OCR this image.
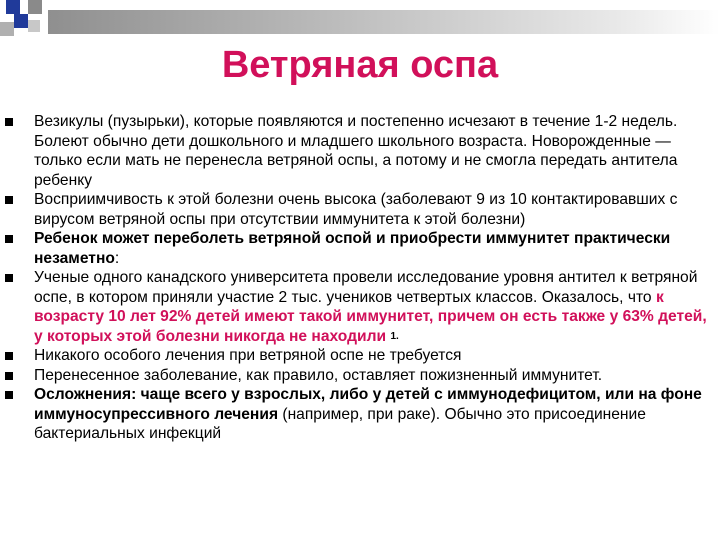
Ветряная оспа
Везикулы (пузырьки), которые появляются и постепенно исчезают в течение 1-2 недель. Болеют обычно дети дошкольного и младшего школьного возраста. Новорожденные — только если мать не перенесла ветряной оспы, а потому и не смогла передать антитела ребенку
Восприимчивость к этой болезни очень высока (заболевают 9 из 10 контактировавших с вирусом ветряной оспы при отсутствии иммунитета к этой болезни)
Ребенок может переболеть ветряной оспой и приобрести иммунитет практически незаметно:
Ученые одного канадского университета провели исследование уровня антител к ветряной оспе, в котором приняли участие 2 тыс. учеников четвертых классов. Оказалось, что к возрасту 10 лет 92% детей имеют такой иммунитет, причем он есть также у 63% детей, у которых этой болезни никогда не находили $^{1.}$
Никакого особого лечения при ветряной оспе не требуется
Перенесенное заболевание, как правило, оставляет пожизненный иммунитет.
Осложнения: чаще всего у взрослых, либо у детей с иммунодефицитом, или на фоне иммуносупрессивного лечения (например, при раке). Обычно это присоединение бактериальных инфекций
